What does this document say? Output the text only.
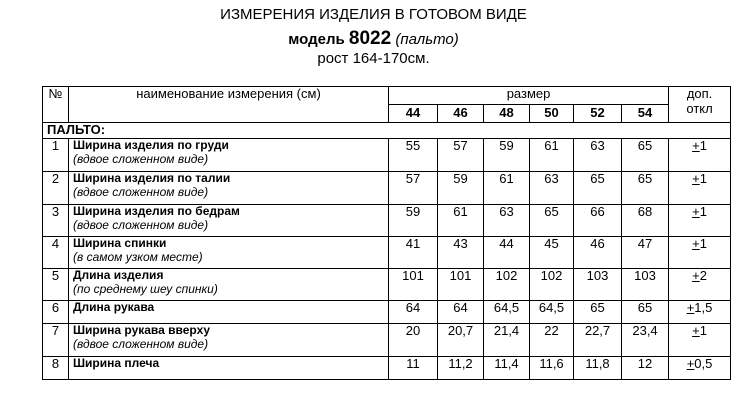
ИЗМЕРЕНИЯ ИЗДЕЛИЯ В ГОТОВОМ ВИДЕ
модель 8022 (пальто)
рост 164-170см.
№	наименование измерения (см)	размер						доп.
откл
		44	46	48	50	52	54	
ПАЛЬТО:								
1	Ширина изделия по груди
(вдвое сложенном виде)	55	57	59	61	63	65	+1
2	Ширина изделия по талии
(вдвое сложенном виде)	57	59	61	63	65	65	+1
3	Ширина изделия по бедрам
(вдвое сложенном виде)	59	61	63	65	66	68	+1
4	Ширина спинки
(в самом узком месте)	41	43	44	45	46	47	+1
5	Длина изделия
(по среднему шеу спинки)	101	101	102	102	103	103	+2
6	Длина рукава	64	64	64,5	64,5	65	65	+1,5
7	Ширина рукава вверху
(вдвое сложенном виде)	20	20,7	21,4	22	22,7	23,4	+1
8	Ширина плеча	11	11,2	11,4	11,6	11,8	12	+0,5
